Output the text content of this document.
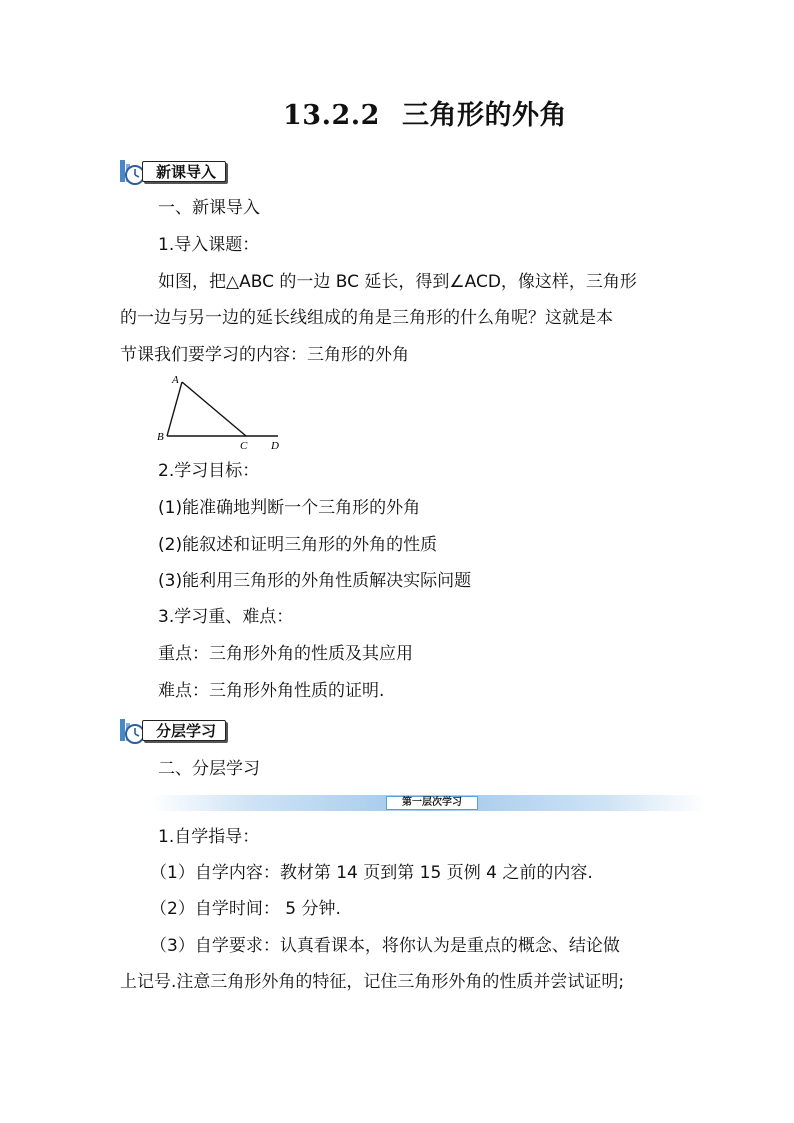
13.2.2 三角形的外角
新课导入

一、新课导入

1.导入课题：

如图，把△ABC 的一边 BC 延长，得到∠ACD，像这样，三角形

的一边与另一边的延长线组成的角是三角形的什么角呢？这就是本

节课我们要学习的内容：三角形的外角

A
B
C D

2.学习目标：

(1)能准确地判断一个三角形的外角

(2)能叙述和证明三角形的外角的性质

(3)能利用三角形的外角性质解决实际问题

3.学习重、难点：

重点：三角形外角的性质及其应用

难点：三角形外角性质的证明.

分层学习

二、分层学习

第一层次学习

1.自学指导：

（1）自学内容：教材第 14 页到第 15 页例 4 之前的内容.

（2）自学时间： 5 分钟.

（3）自学要求：认真看课本，将你认为是重点的概念、结论做

上记号.注意三角形外角的特征，记住三角形外角的性质并尝试证明;
